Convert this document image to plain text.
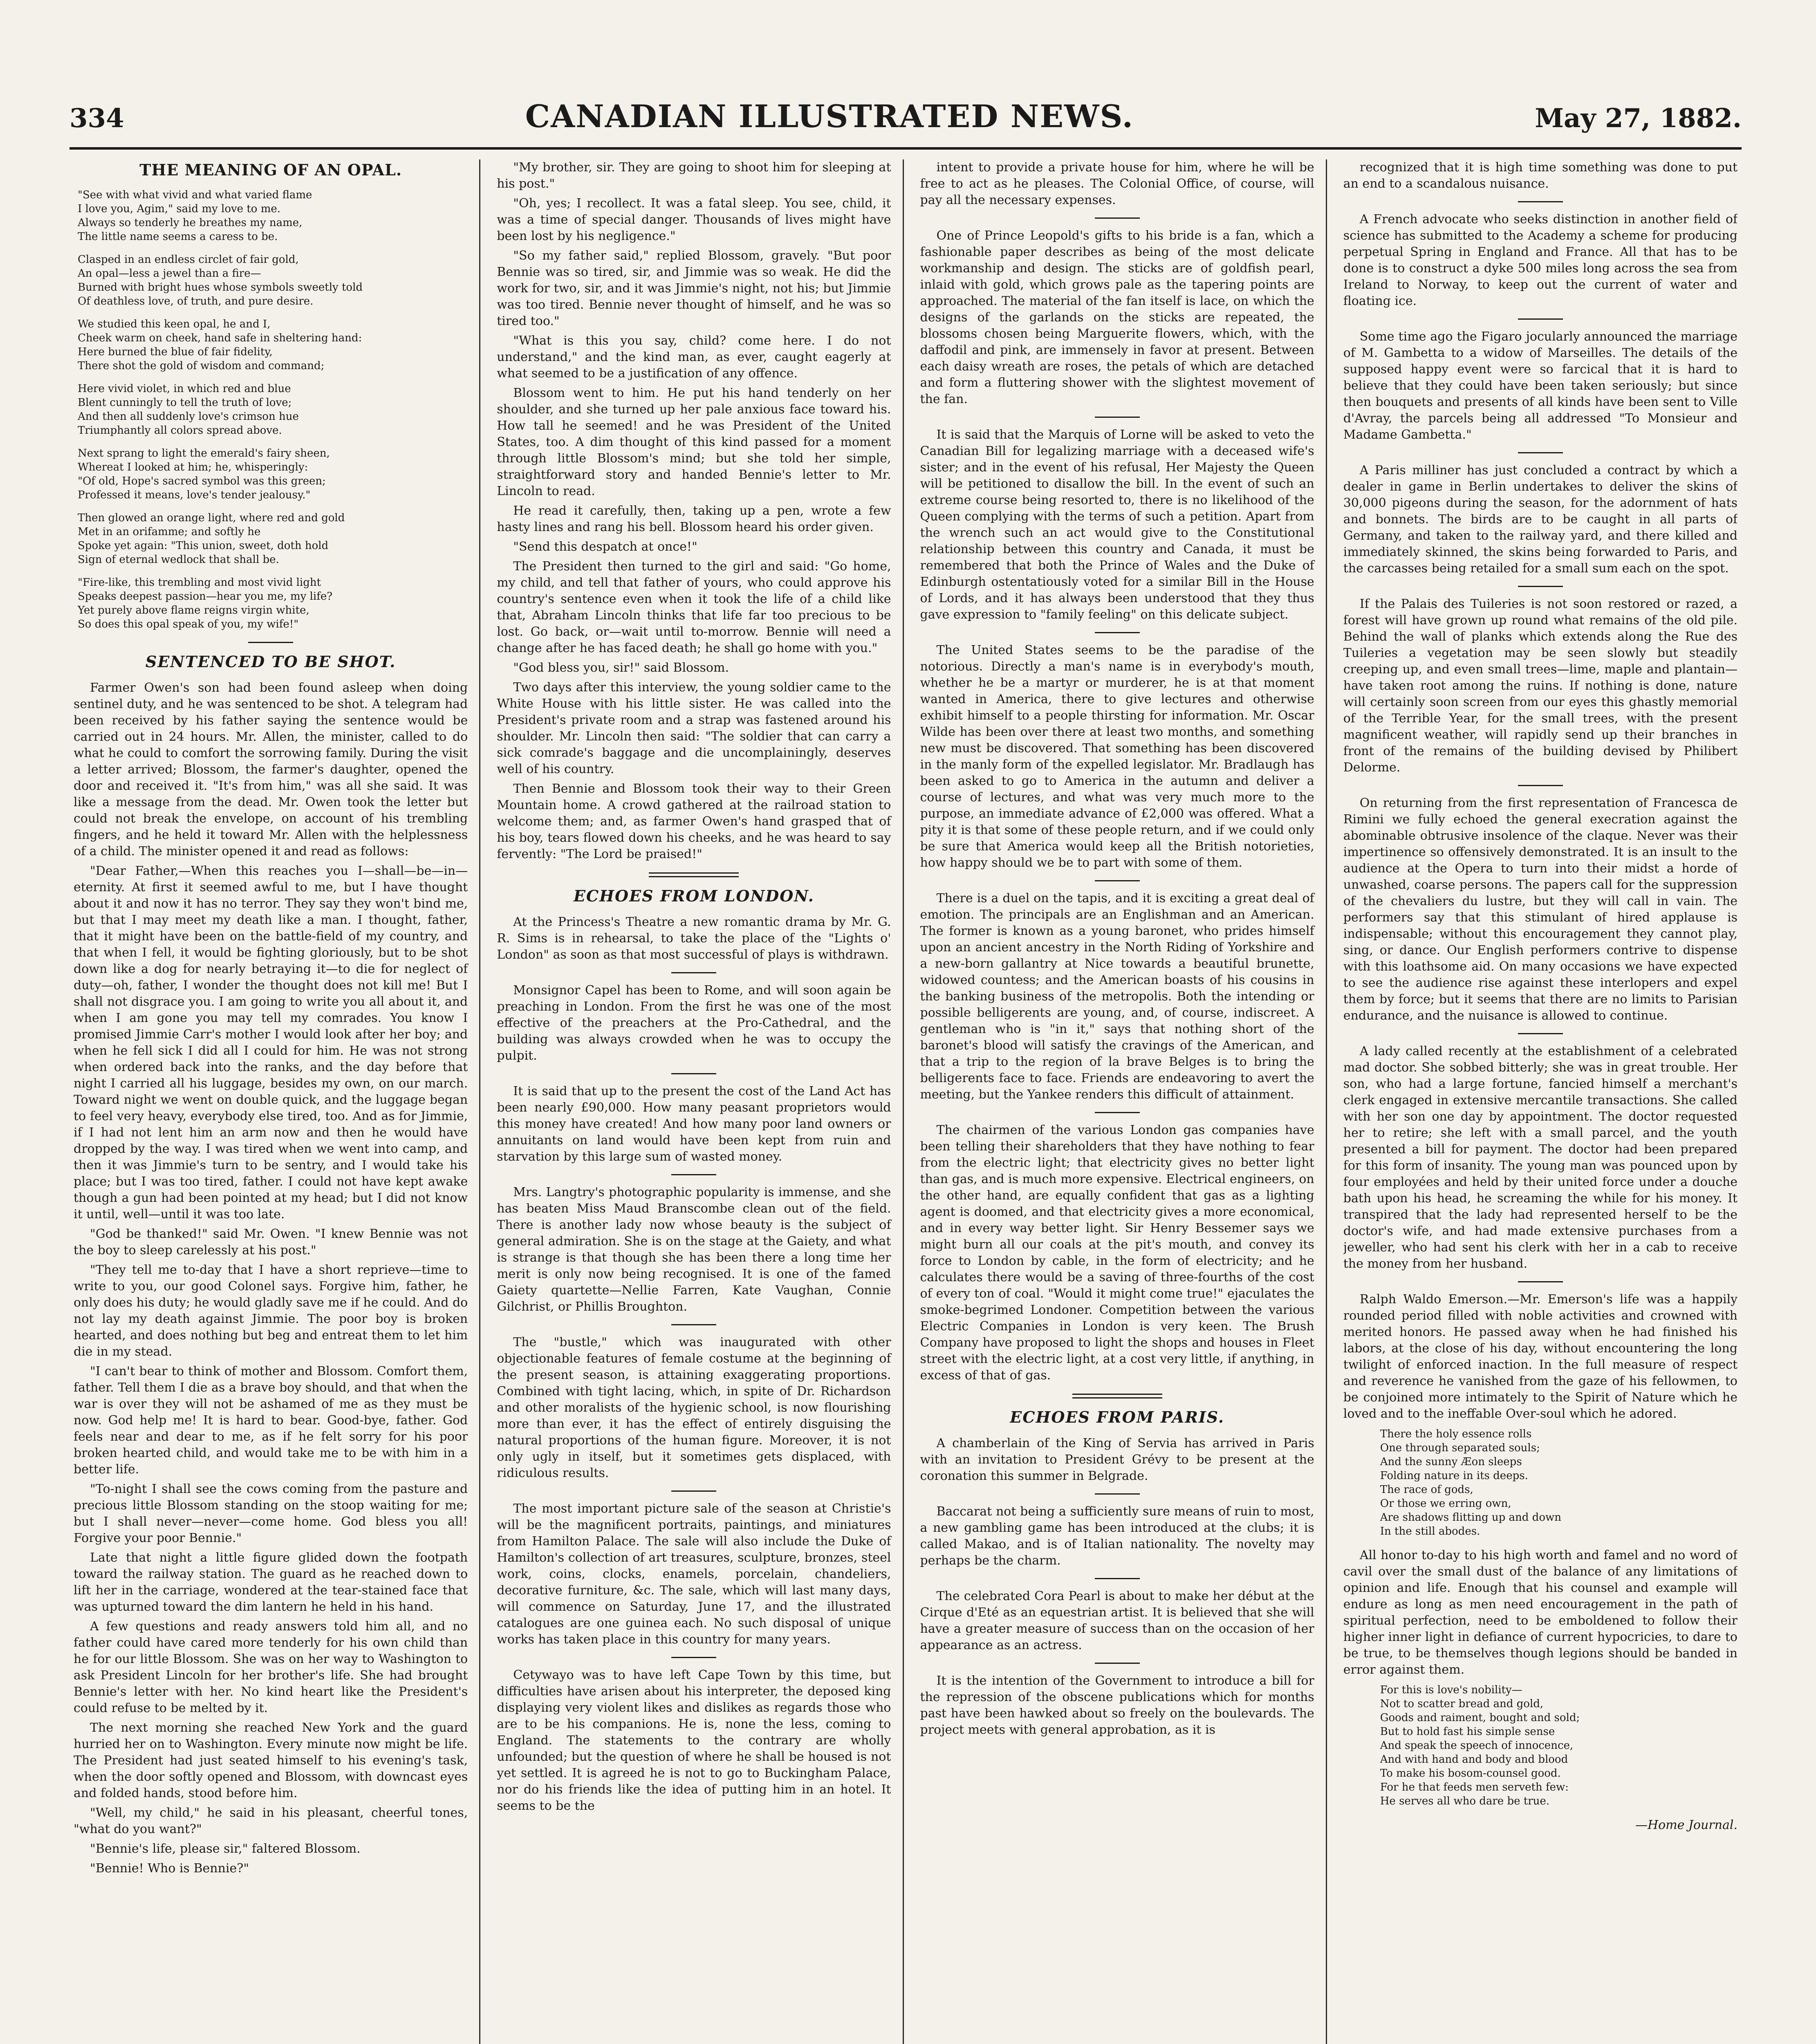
334	CANADIAN ILLUSTRATED NEWS.	May 27, 1882.
THE MEANING OF AN OPAL.
"See with what vivid and what varied flame
I love you, Agim," said my love to me.
Always so tenderly he breathes my name,
The little name seems a caress to be.
Clasped in an endless circlet of fair gold,
An opal—less a jewel than a fire—
Burned with bright hues whose symbols sweetly told
Of deathless love, of truth, and pure desire.
We studied this keen opal, he and I,
Cheek warm on cheek, hand safe in sheltering hand:
Here burned the blue of fair fidelity,
There shot the gold of wisdom and command;
Here vivid violet, in which red and blue
Blent cunningly to tell the truth of love;
And then all suddenly love's crimson hue
Triumphantly all colors spread above.
Next sprang to light the emerald's fairy sheen,
Whereat I looked at him; he, whisperingly:
"Of old, Hope's sacred symbol was this green;
Professed it means, love's tender jealousy."
Then glowed an orange light, where red and gold
Met in an orifamme; and softly he
Spoke yet again: "This union, sweet, doth hold
Sign of eternal wedlock that shall be.
"Fire-like, this trembling and most vivid light
Speaks deepest passion—hear you me, my life?
Yet purely above flame reigns virgin white,
So does this opal speak of you, my wife!"
SENTENCED TO BE SHOT.

Farmer Owen's son had been found asleep when doing sentinel duty, and he was sentenced to be shot. A telegram had been received by his father saying the sentence would be carried out in 24 hours. Mr. Allen, the minister, called to do what he could to comfort the sorrowing family. During the visit a letter arrived; Blossom, the farmer's daughter, opened the door and received it. "It's from him," was all she said. It was like a message from the dead. Mr. Owen took the letter but could not break the envelope, on account of his trembling fingers, and he held it toward Mr. Allen with the helplessness of a child. The minister opened it and read as follows:

"Dear Father,—When this reaches you I—shall—be—in—eternity. At first it seemed awful to me, but I have thought about it and now it has no terror. They say they won't bind me, but that I may meet my death like a man. I thought, father, that it might have been on the battle-field of my country, and that when I fell, it would be fighting gloriously, but to be shot down like a dog for nearly betraying it—to die for neglect of duty—oh, father, I wonder the thought does not kill me! But I shall not disgrace you. I am going to write you all about it, and when I am gone you may tell my comrades. You know I promised Jimmie Carr's mother I would look after her boy; and when he fell sick I did all I could for him. He was not strong when ordered back into the ranks, and the day before that night I carried all his luggage, besides my own, on our march. Toward night we went on double quick, and the luggage began to feel very heavy, everybody else tired, too. And as for Jimmie, if I had not lent him an arm now and then he would have dropped by the way. I was tired when we went into camp, and then it was Jimmie's turn to be sentry, and I would take his place; but I was too tired, father. I could not have kept awake though a gun had been pointed at my head; but I did not know it until, well—until it was too late.

"God be thanked!" said Mr. Owen. "I knew Bennie was not the boy to sleep carelessly at his post."

"They tell me to-day that I have a short reprieve—time to write to you, our good Colonel says. Forgive him, father, he only does his duty; he would gladly save me if he could. And do not lay my death against Jimmie. The poor boy is broken hearted, and does nothing but beg and entreat them to let him die in my stead.

"I can't bear to think of mother and Blossom. Comfort them, father. Tell them I die as a brave boy should, and that when the war is over they will not be ashamed of me as they must be now. God help me! It is hard to bear. Good-bye, father. God feels near and dear to me, as if he felt sorry for his poor broken hearted child, and would take me to be with him in a better life.

"To-night I shall see the cows coming from the pasture and precious little Blossom standing on the stoop waiting for me; but I shall never—never—come home. God bless you all! Forgive your poor Bennie."

Late that night a little figure glided down the footpath toward the railway station. The guard as he reached down to lift her in the carriage, wondered at the tear-stained face that was upturned toward the dim lantern he held in his hand.

A few questions and ready answers told him all, and no father could have cared more tenderly for his own child than he for our little Blossom. She was on her way to Washington to ask President Lincoln for her brother's life. She had brought Bennie's letter with her. No kind heart like the President's could refuse to be melted by it.

The next morning she reached New York and the guard hurried her on to Washington. Every minute now might be life. The President had just seated himself to his evening's task, when the door softly opened and Blossom, with downcast eyes and folded hands, stood before him.

"Well, my child," he said in his pleasant, cheerful tones, "what do you want?"

"Bennie's life, please sir," faltered Blossom.

"Bennie! Who is Bennie?"

"My brother, sir. They are going to shoot him for sleeping at his post."

"Oh, yes; I recollect. It was a fatal sleep. You see, child, it was a time of special danger. Thousands of lives might have been lost by his negligence."

"So my father said," replied Blossom, gravely. "But poor Bennie was so tired, sir, and Jimmie was so weak. He did the work for two, sir, and it was Jimmie's night, not his; but Jimmie was too tired. Bennie never thought of himself, and he was so tired too."

"What is this you say, child? come here. I do not understand," and the kind man, as ever, caught eagerly at what seemed to be a justification of any offence.

Blossom went to him. He put his hand tenderly on her shoulder, and she turned up her pale anxious face toward his. How tall he seemed! and he was President of the United States, too. A dim thought of this kind passed for a moment through little Blossom's mind; but she told her simple, straightforward story and handed Bennie's letter to Mr. Lincoln to read.

He read it carefully, then, taking up a pen, wrote a few hasty lines and rang his bell. Blossom heard his order given.

"Send this despatch at once!"

The President then turned to the girl and said: "Go home, my child, and tell that father of yours, who could approve his country's sentence even when it took the life of a child like that, Abraham Lincoln thinks that life far too precious to be lost. Go back, or—wait until to-morrow. Bennie will need a change after he has faced death; he shall go home with you."

"God bless you, sir!" said Blossom.

Two days after this interview, the young soldier came to the White House with his little sister. He was called into the President's private room and a strap was fastened around his shoulder. Mr. Lincoln then said: "The soldier that can carry a sick comrade's baggage and die uncomplainingly, deserves well of his country.

Then Bennie and Blossom took their way to their Green Mountain home. A crowd gathered at the railroad station to welcome them; and, as farmer Owen's hand grasped that of his boy, tears flowed down his cheeks, and he was heard to say fervently: "The Lord be praised!"

ECHOES FROM LONDON.

At the Princess's Theatre a new romantic drama by Mr. G. R. Sims is in rehearsal, to take the place of the "Lights o' London" as soon as that most successful of plays is withdrawn.

Monsignor Capel has been to Rome, and will soon again be preaching in London. From the first he was one of the most effective of the preachers at the Pro-Cathedral, and the building was always crowded when he was to occupy the pulpit.

It is said that up to the present the cost of the Land Act has been nearly £90,000. How many peasant proprietors would this money have created! And how many poor land owners or annuitants on land would have been kept from ruin and starvation by this large sum of wasted money.

Mrs. Langtry's photographic popularity is immense, and she has beaten Miss Maud Branscombe clean out of the field. There is another lady now whose beauty is the subject of general admiration. She is on the stage at the Gaiety, and what is strange is that though she has been there a long time her merit is only now being recognised. It is one of the famed Gaiety quartette—Nellie Farren, Kate Vaughan, Connie Gilchrist, or Phillis Broughton.

The "bustle," which was inaugurated with other objectionable features of female costume at the beginning of the present season, is attaining exaggerating proportions. Combined with tight lacing, which, in spite of Dr. Richardson and other moralists of the hygienic school, is now flourishing more than ever, it has the effect of entirely disguising the natural proportions of the human figure. Moreover, it is not only ugly in itself, but it sometimes gets displaced, with ridiculous results.

The most important picture sale of the season at Christie's will be the magnificent portraits, paintings, and miniatures from Hamilton Palace. The sale will also include the Duke of Hamilton's collection of art treasures, sculpture, bronzes, steel work, coins, clocks, enamels, porcelain, chandeliers, decorative furniture, &c. The sale, which will last many days, will commence on Saturday, June 17, and the illustrated catalogues are one guinea each. No such disposal of unique works has taken place in this country for many years.

Cetywayo was to have left Cape Town by this time, but difficulties have arisen about his interpreter, the deposed king displaying very violent likes and dislikes as regards those who are to be his companions. He is, none the less, coming to England. The statements to the contrary are wholly unfounded; but the question of where he shall be housed is not yet settled. It is agreed he is not to go to Buckingham Palace, nor do his friends like the idea of putting him in an hotel. It seems to be the

intent to provide a private house for him, where he will be free to act as he pleases. The Colonial Office, of course, will pay all the necessary expenses.

One of Prince Leopold's gifts to his bride is a fan, which a fashionable paper describes as being of the most delicate workmanship and design. The sticks are of goldfish pearl, inlaid with gold, which grows pale as the tapering points are approached. The material of the fan itself is lace, on which the designs of the garlands on the sticks are repeated, the blossoms chosen being Marguerite flowers, which, with the daffodil and pink, are immensely in favor at present. Between each daisy wreath are roses, the petals of which are detached and form a fluttering shower with the slightest movement of the fan.

It is said that the Marquis of Lorne will be asked to veto the Canadian Bill for legalizing marriage with a deceased wife's sister; and in the event of his refusal, Her Majesty the Queen will be petitioned to disallow the bill. In the event of such an extreme course being resorted to, there is no likelihood of the Queen complying with the terms of such a petition. Apart from the wrench such an act would give to the Constitutional relationship between this country and Canada, it must be remembered that both the Prince of Wales and the Duke of Edinburgh ostentatiously voted for a similar Bill in the House of Lords, and it has always been understood that they thus gave expression to "family feeling" on this delicate subject.

The United States seems to be the paradise of the notorious. Directly a man's name is in everybody's mouth, whether he be a martyr or murderer, he is at that moment wanted in America, there to give lectures and otherwise exhibit himself to a people thirsting for information. Mr. Oscar Wilde has been over there at least two months, and something new must be discovered. That something has been discovered in the manly form of the expelled legislator. Mr. Bradlaugh has been asked to go to America in the autumn and deliver a course of lectures, and what was very much more to the purpose, an immediate advance of £2,000 was offered. What a pity it is that some of these people return, and if we could only be sure that America would keep all the British notorieties, how happy should we be to part with some of them.

There is a duel on the tapis, and it is exciting a great deal of emotion. The principals are an Englishman and an American. The former is known as a young baronet, who prides himself upon an ancient ancestry in the North Riding of Yorkshire and a new-born gallantry at Nice towards a beautiful brunette, widowed countess; and the American boasts of his cousins in the banking business of the metropolis. Both the intending or possible belligerents are young, and, of course, indiscreet. A gentleman who is "in it," says that nothing short of the baronet's blood will satisfy the cravings of the American, and that a trip to the region of la brave Belges is to bring the belligerents face to face. Friends are endeavoring to avert the meeting, but the Yankee renders this difficult of attainment.

The chairmen of the various London gas companies have been telling their shareholders that they have nothing to fear from the electric light; that electricity gives no better light than gas, and is much more expensive. Electrical engineers, on the other hand, are equally confident that gas as a lighting agent is doomed, and that electricity gives a more economical, and in every way better light. Sir Henry Bessemer says we might burn all our coals at the pit's mouth, and convey its force to London by cable, in the form of electricity; and he calculates there would be a saving of three-fourths of the cost of every ton of coal. "Would it might come true!" ejaculates the smoke-begrimed Londoner. Competition between the various Electric Companies in London is very keen. The Brush Company have proposed to light the shops and houses in Fleet street with the electric light, at a cost very little, if anything, in excess of that of gas.

ECHOES FROM PARIS.

A chamberlain of the King of Servia has arrived in Paris with an invitation to President Grévy to be present at the coronation this summer in Belgrade.

Baccarat not being a sufficiently sure means of ruin to most, a new gambling game has been introduced at the clubs; it is called Makao, and is of Italian nationality. The novelty may perhaps be the charm.

The celebrated Cora Pearl is about to make her début at the Cirque d'Eté as an equestrian artist. It is believed that she will have a greater measure of success than on the occasion of her appearance as an actress.

It is the intention of the Government to introduce a bill for the repression of the obscene publications which for months past have been hawked about so freely on the boulevards. The project meets with general approbation, as it is

recognized that it is high time something was done to put an end to a scandalous nuisance.

A French advocate who seeks distinction in another field of science has submitted to the Academy a scheme for producing perpetual Spring in England and France. All that has to be done is to construct a dyke 500 miles long across the sea from Ireland to Norway, to keep out the current of water and floating ice.

Some time ago the Figaro jocularly announced the marriage of M. Gambetta to a widow of Marseilles. The details of the supposed happy event were so farcical that it is hard to believe that they could have been taken seriously; but since then bouquets and presents of all kinds have been sent to Ville d'Avray, the parcels being all addressed "To Monsieur and Madame Gambetta."

A Paris milliner has just concluded a contract by which a dealer in game in Berlin undertakes to deliver the skins of 30,000 pigeons during the season, for the adornment of hats and bonnets. The birds are to be caught in all parts of Germany, and taken to the railway yard, and there killed and immediately skinned, the skins being forwarded to Paris, and the carcasses being retailed for a small sum each on the spot.

If the Palais des Tuileries is not soon restored or razed, a forest will have grown up round what remains of the old pile. Behind the wall of planks which extends along the Rue des Tuileries a vegetation may be seen slowly but steadily creeping up, and even small trees—lime, maple and plantain—have taken root among the ruins. If nothing is done, nature will certainly soon screen from our eyes this ghastly memorial of the Terrible Year, for the small trees, with the present magnificent weather, will rapidly send up their branches in front of the remains of the building devised by Philibert Delorme.

On returning from the first representation of Francesca de Rimini we fully echoed the general execration against the abominable obtrusive insolence of the claque. Never was their impertinence so offensively demonstrated. It is an insult to the audience at the Opera to turn into their midst a horde of unwashed, coarse persons. The papers call for the suppression of the chevaliers du lustre, but they will call in vain. The performers say that this stimulant of hired applause is indispensable; without this encouragement they cannot play, sing, or dance. Our English performers contrive to dispense with this loathsome aid. On many occasions we have expected to see the audience rise against these interlopers and expel them by force; but it seems that there are no limits to Parisian endurance, and the nuisance is allowed to continue.

A lady called recently at the establishment of a celebrated mad doctor. She sobbed bitterly; she was in great trouble. Her son, who had a large fortune, fancied himself a merchant's clerk engaged in extensive mercantile transactions. She called with her son one day by appointment. The doctor requested her to retire; she left with a small parcel, and the youth presented a bill for payment. The doctor had been prepared for this form of insanity. The young man was pounced upon by four employées and held by their united force under a douche bath upon his head, he screaming the while for his money. It transpired that the lady had represented herself to be the doctor's wife, and had made extensive purchases from a jeweller, who had sent his clerk with her in a cab to receive the money from her husband.

Ralph Waldo Emerson.—Mr. Emerson's life was a happily rounded period filled with noble activities and crowned with merited honors. He passed away when he had finished his labors, at the close of his day, without encountering the long twilight of enforced inaction. In the full measure of respect and reverence he vanished from the gaze of his fellowmen, to be conjoined more intimately to the Spirit of Nature which he loved and to the ineffable Over-soul which he adored.

There the holy essence rolls
One through separated souls;
And the sunny Æon sleeps
Folding nature in its deeps.
The race of gods,
Or those we erring own,
Are shadows flitting up and down
In the still abodes.

All honor to-day to his high worth and famel and no word of cavil over the small dust of the balance of any limitations of opinion and life. Enough that his counsel and example will endure as long as men need encouragement in the path of spiritual perfection, need to be emboldened to follow their higher inner light in defiance of current hypocricies, to dare to be true, to be themselves though legions should be banded in error against them.

For this is love's nobility—
Not to scatter bread and gold,
Goods and raiment, bought and sold;
But to hold fast his simple sense
And speak the speech of innocence,
And with hand and body and blood
To make his bosom-counsel good.
For he that feeds men serveth few:
He serves all who dare be true.
—Home Journal.
